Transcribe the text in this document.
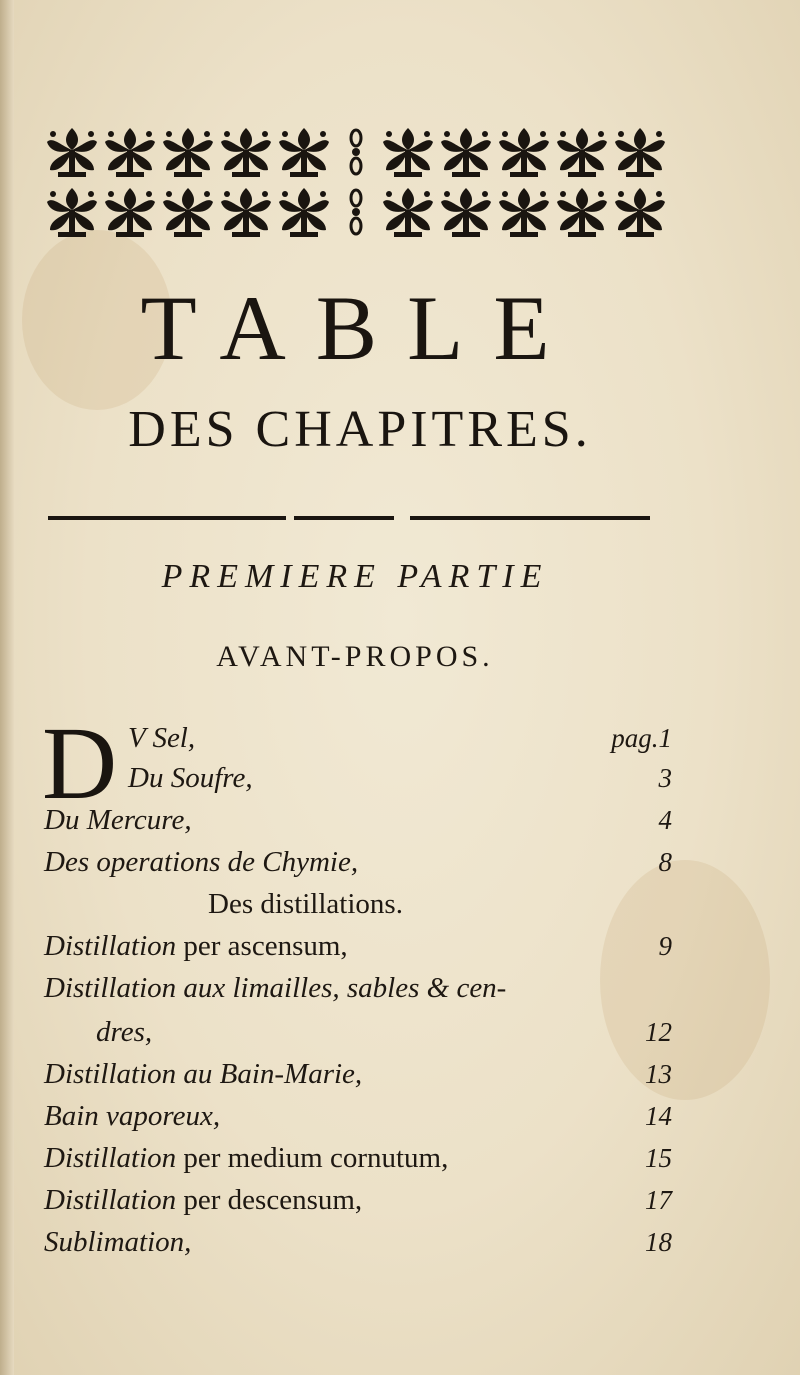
TABLE
DES CHAPITRES.
PREMIERE PARTIE
AVANT-PROPOS.
D V Sel,	pag.1
Du Soufre,	3
Du Mercure,	4
Des operations de Chymie,	8
Des distillations.
Distillation per ascensum,	9
Distillation aux limailles, sables & cen-
dres,	12
Distillation au Bain-Marie,	13
Bain vaporeux,	14
Distillation per medium cornutum,	15
Distillation per descensum,	17
Sublimation,	18
